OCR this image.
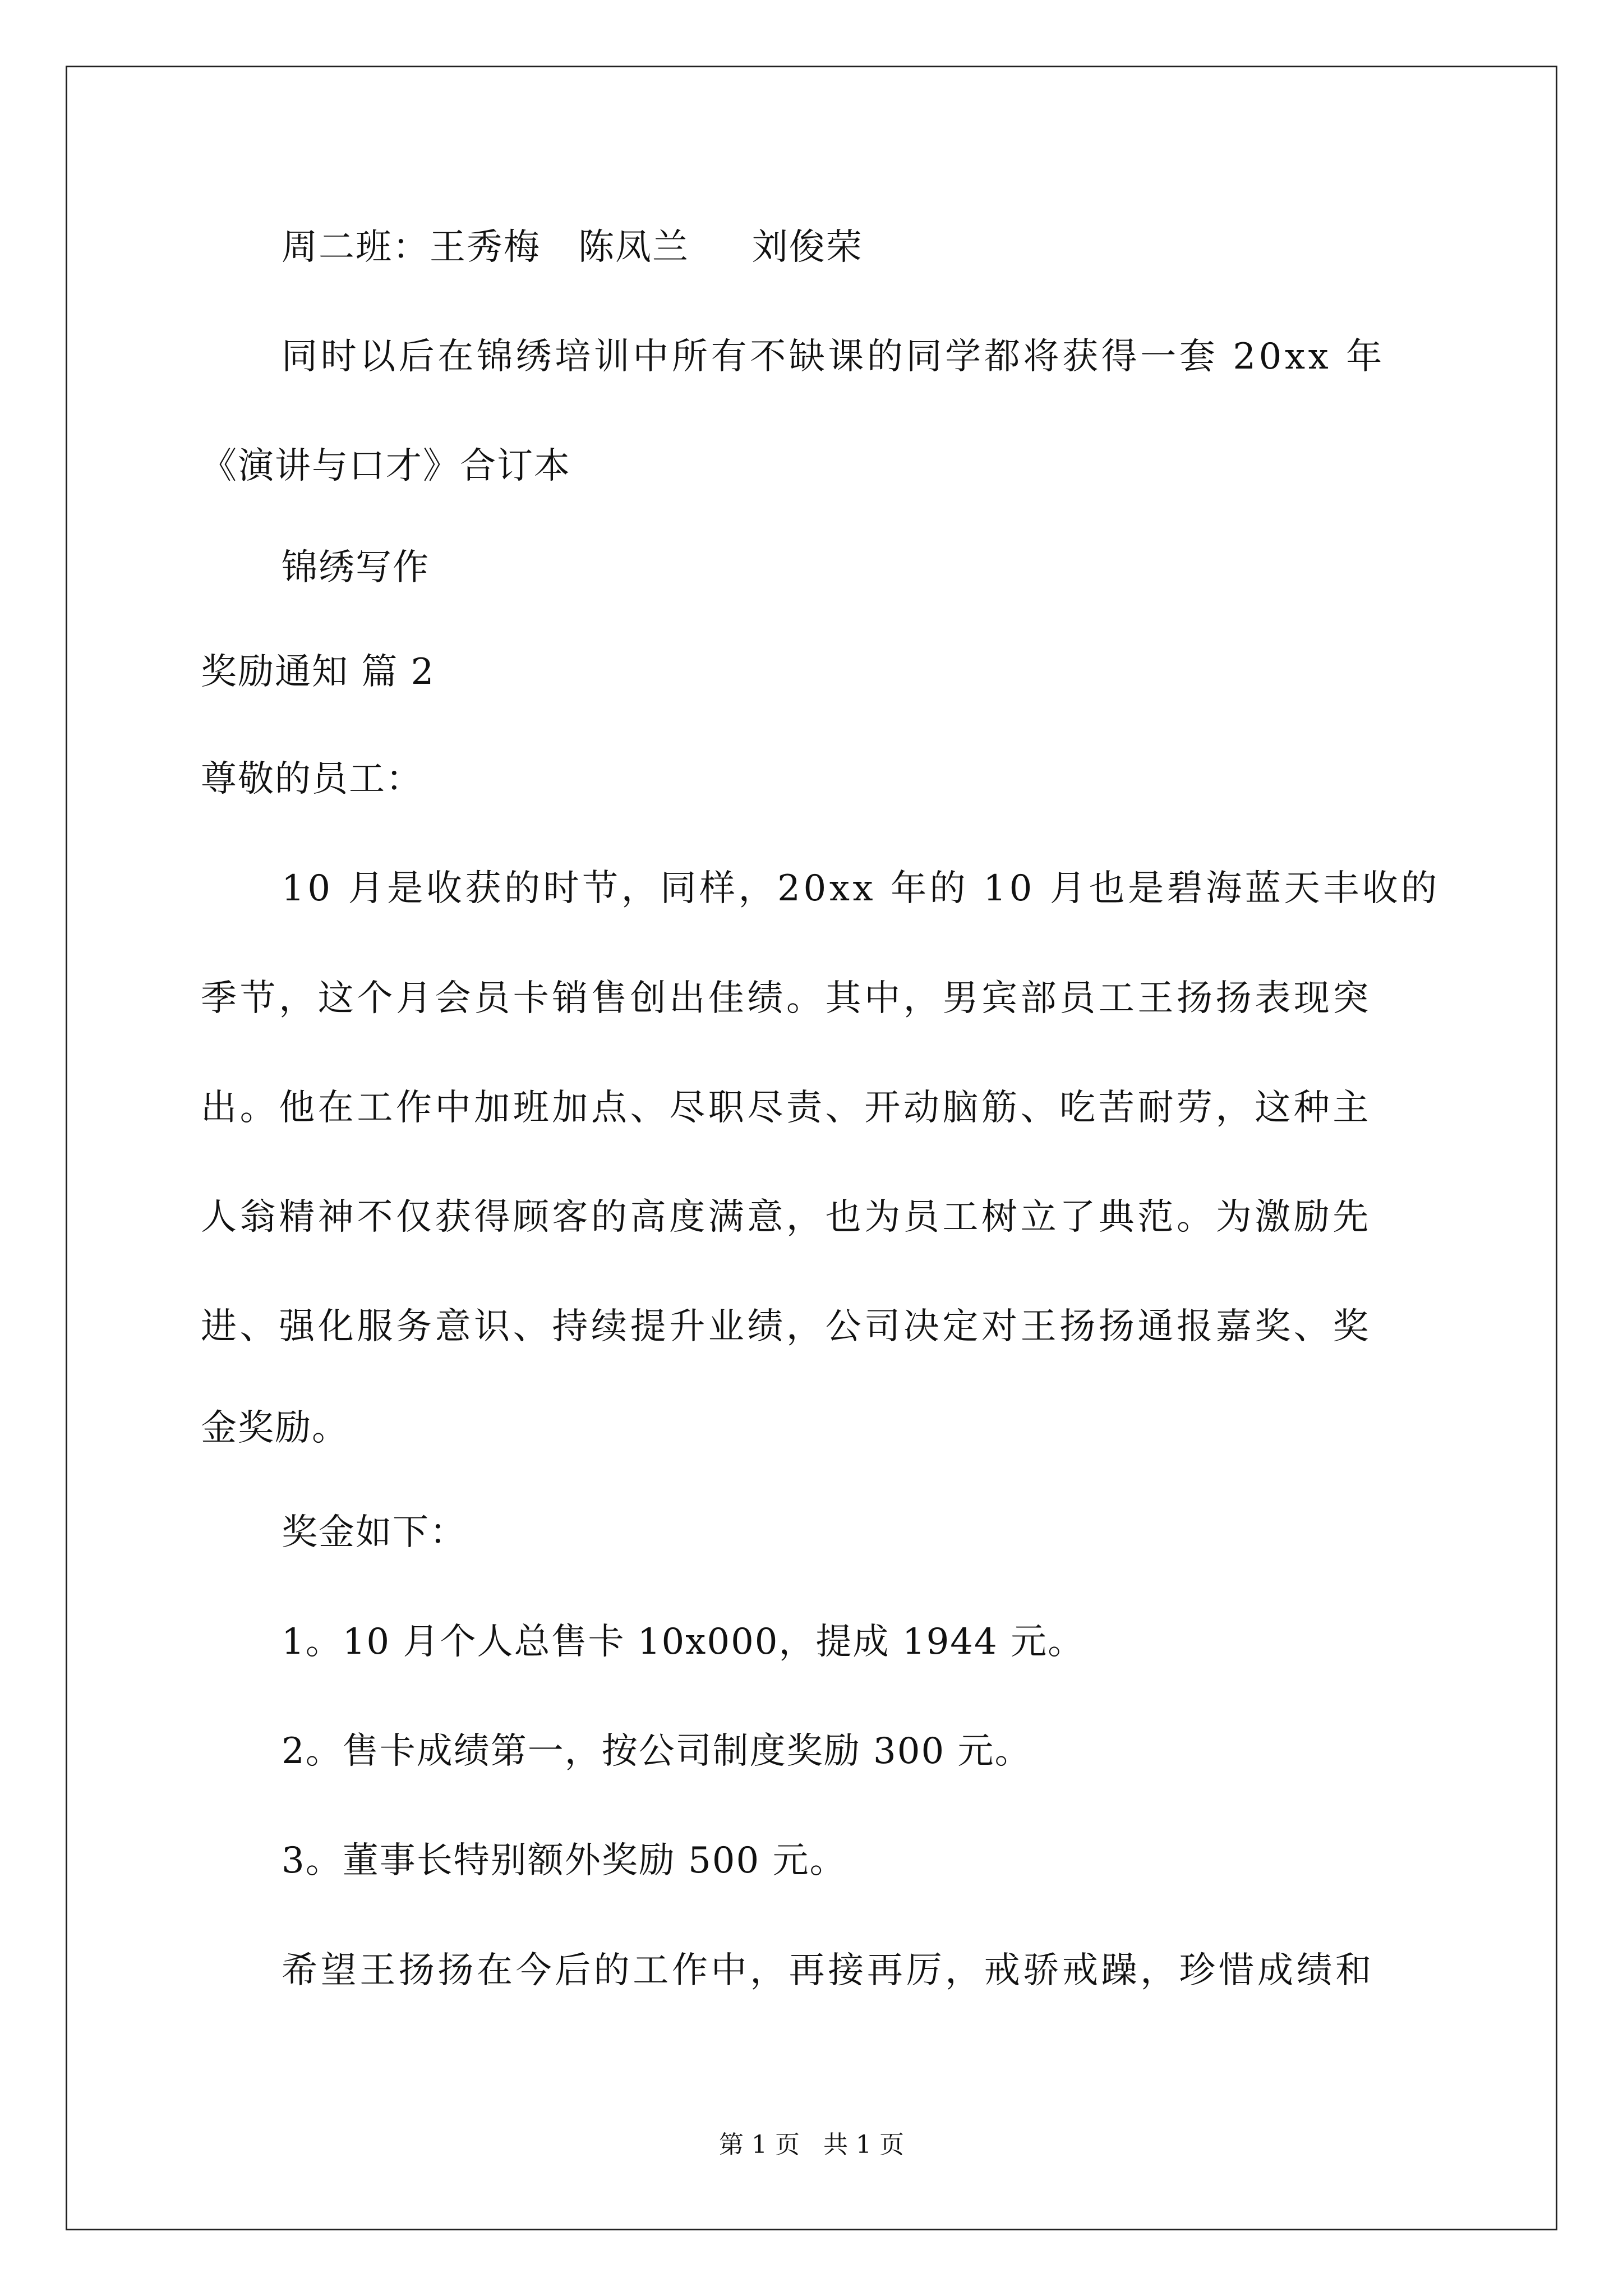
周二班：王秀梅   陈凤兰     刘俊荣

同时以后在锦绣培训中所有不缺课的同学都将获得一套 20xx 年

《演讲与口才》合订本

锦绣写作

奖励通知 篇 2

尊敬的员工：

10 月是收获的时节，同样，20xx 年的 10 月也是碧海蓝天丰收的

季节，这个月会员卡销售创出佳绩。其中，男宾部员工王扬扬表现突

出。他在工作中加班加点、尽职尽责、开动脑筋、吃苦耐劳，这种主

人翁精神不仅获得顾客的高度满意，也为员工树立了典范。为激励先

进、强化服务意识、持续提升业绩，公司决定对王扬扬通报嘉奖、奖

金奖励。

奖金如下：

1。10 月个人总售卡 10x000，提成 1944 元。

2。售卡成绩第一，按公司制度奖励 300 元。

3。董事长特别额外奖励 500 元。

希望王扬扬在今后的工作中，再接再厉，戒骄戒躁，珍惜成绩和

第 1 页   共 1 页
